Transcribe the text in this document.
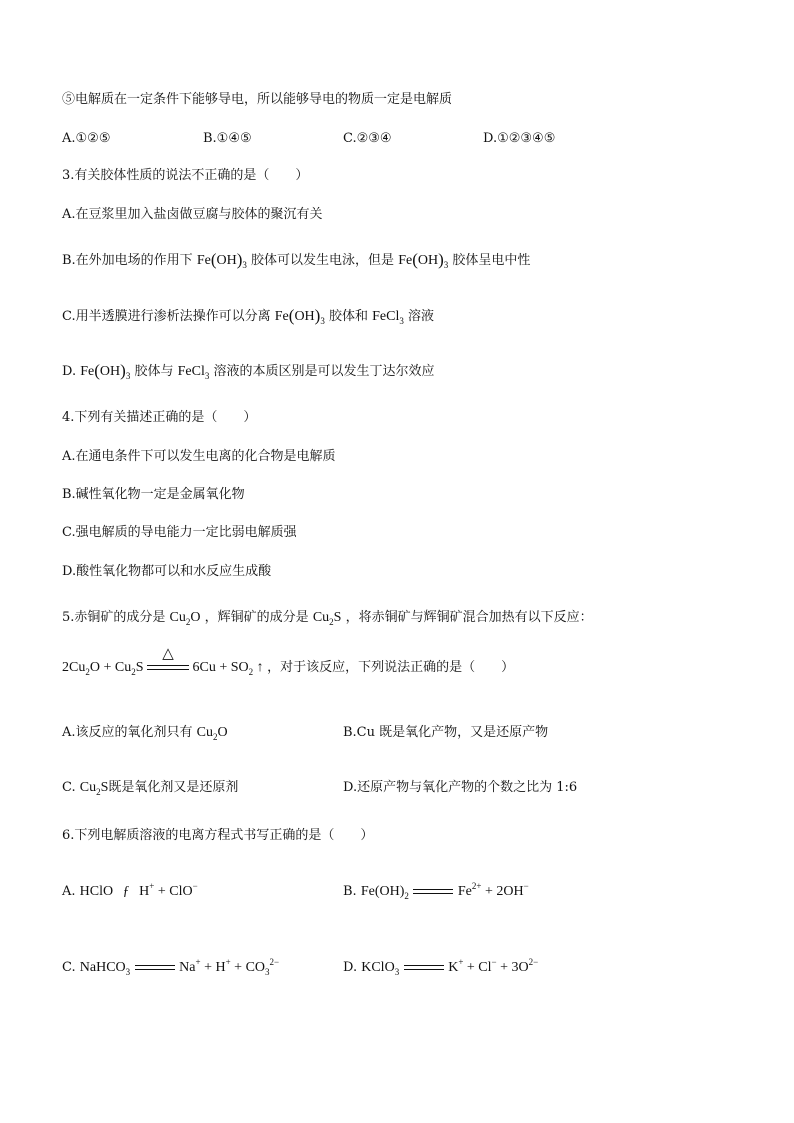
⑤电解质在一定条件下能够导电，所以能够导电的物质一定是电解质
A.①②⑤	B.①④⑤	C.②③④	D.①②③④⑤
3.有关胶体性质的说法不正确的是（　　）
A.在豆浆里加入盐卤做豆腐与胶体的聚沉有关
B.在外加电场的作用下 $Fe(OH)_3$ 胶体可以发生电泳，但是 $Fe(OH)_3$ 胶体呈电中性
C.用半透膜进行渗析法操作可以分离 $Fe(OH)_3$ 胶体和 FeCl$_3$ 溶液
D. $Fe(OH)_3$ 胶体与 FeCl$_3$ 溶液的本质区别是可以发生丁达尔效应
4.下列有关描述正确的是（　　）
A.在通电条件下可以发生电离的化合物是电解质
B.碱性氧化物一定是金属氧化物
C.强电解质的导电能力一定比弱电解质强
D.酸性氧化物都可以和水反应生成酸
5.赤铜矿的成分是 $Cu_2O$ ，辉铜矿的成分是 $Cu_2S$ ，将赤铜矿与辉铜矿混合加热有以下反应：
$2Cu_2O + Cu_2S$
△
$6Cu + SO_2$ ↑ ，对于该反应，下列说法正确的是（　　）
A.该反应的氧化剂只有 $Cu_2O$	B.Cu 既是氧化产物，又是还原产物
C. $Cu_2S$既是氧化剂又是还原剂	D.还原产物与氧化产物的个数之比为 1:6
6.下列电解质溶液的电离方程式书写正确的是（　　）
A. HClO ƒ H+ + ClO−	B. $Fe(OH)_2$	$Fe^{2+} + 2OH^-$
C. NaHCO$_3$	$Na^+ + H^+ + CO_3^{2-}$	D. KClO$_3$	$K^+ + Cl^- + 3O^{2-}$
